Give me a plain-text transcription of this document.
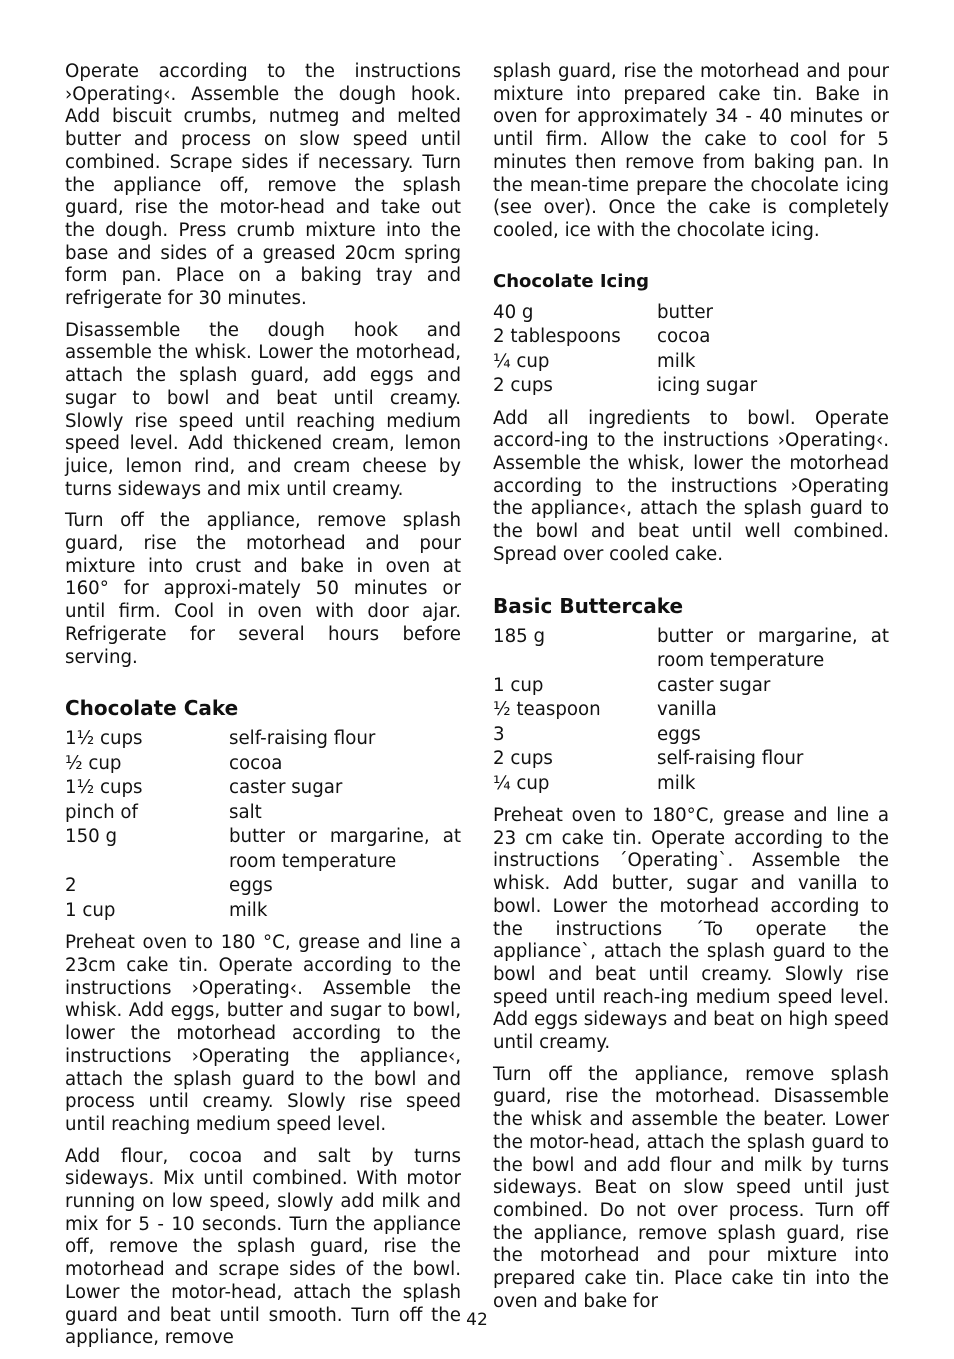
Operate according to the instructions ›Operating‹. Assemble the dough hook. Add biscuit crumbs, nutmeg and melted butter and process on slow speed until combined. Scrape sides if necessary. Turn the appliance off, remove the splash guard, rise the motor-head and take out the dough. Press crumb mixture into the base and sides of a greased 20cm spring form pan. Place on a baking tray and refrigerate for 30 minutes.

Disassemble the dough hook and assemble the whisk. Lower the motorhead, attach the splash guard, add eggs and sugar to bowl and beat until creamy. Slowly rise speed until reaching medium speed level. Add thickened cream, lemon juice, lemon rind, and cream cheese by turns sideways and mix until creamy.

Turn off the appliance, remove splash guard, rise the motorhead and pour mixture into crust and bake in oven at 160° for approxi-mately 50 minutes or until firm. Cool in oven with door ajar. Refrigerate for several hours before serving.

Chocolate Cake
1½ cups	self-raising flour
½ cup	cocoa
1½ cups	caster sugar
pinch of	salt
150 g	butter or margarine, at room temperature
2	eggs
1 cup	milk

Preheat oven to 180 °C, grease and line a 23cm cake tin. Operate according to the instructions ›Operating‹. Assemble the whisk. Add eggs, butter and sugar to bowl, lower the motorhead according to the instructions ›Operating the appliance‹, attach the splash guard to the bowl and process until creamy. Slowly rise speed until reaching medium speed level.

Add flour, cocoa and salt by turns sideways. Mix until combined. With motor running on low speed, slowly add milk and mix for 5 - 10 seconds. Turn the appliance off, remove the splash guard, rise the motorhead and scrape sides of the bowl. Lower the motor-head, attach the splash guard and beat until smooth. Turn off the appliance, remove

splash guard, rise the motorhead and pour mixture into prepared cake tin. Bake in oven for approximately 34 - 40 minutes or until firm. Allow the cake to cool for 5 minutes then remove from baking pan. In the mean-time prepare the chocolate icing (see over). Once the cake is completely cooled, ice with the chocolate icing.

Chocolate Icing
40 g	butter
2 tablespoons	cocoa
¼ cup	milk
2 cups	icing sugar

Add all ingredients to bowl. Operate accord-ing to the instructions ›Operating‹. Assemble the whisk, lower the motorhead according to the instructions ›Operating the appliance‹, attach the splash guard to the bowl and beat until well combined. Spread over cooled cake.

Basic Buttercake
185 g	butter or margarine, at room temperature
1 cup	caster sugar
½ teaspoon	vanilla
3	eggs
2 cups	self-raising flour
¼ cup	milk

Preheat oven to 180°C, grease and line a 23 cm cake tin. Operate according to the instructions ´Operating`. Assemble the whisk. Add butter, sugar and vanilla to bowl. Lower the motorhead according to the instructions ´To operate the appliance`, attach the splash guard to the bowl and beat until creamy. Slowly rise speed until reach-ing medium speed level. Add eggs sideways and beat on high speed until creamy.

Turn off the appliance, remove splash guard, rise the motorhead. Disassemble the whisk and assemble the beater. Lower the motor-head, attach the splash guard to the bowl and add flour and milk by turns sideways. Beat on slow speed until just combined. Do not over process. Turn off the appliance, remove splash guard, rise the motorhead and pour mixture into prepared cake tin. Place cake tin into the oven and bake for

42
